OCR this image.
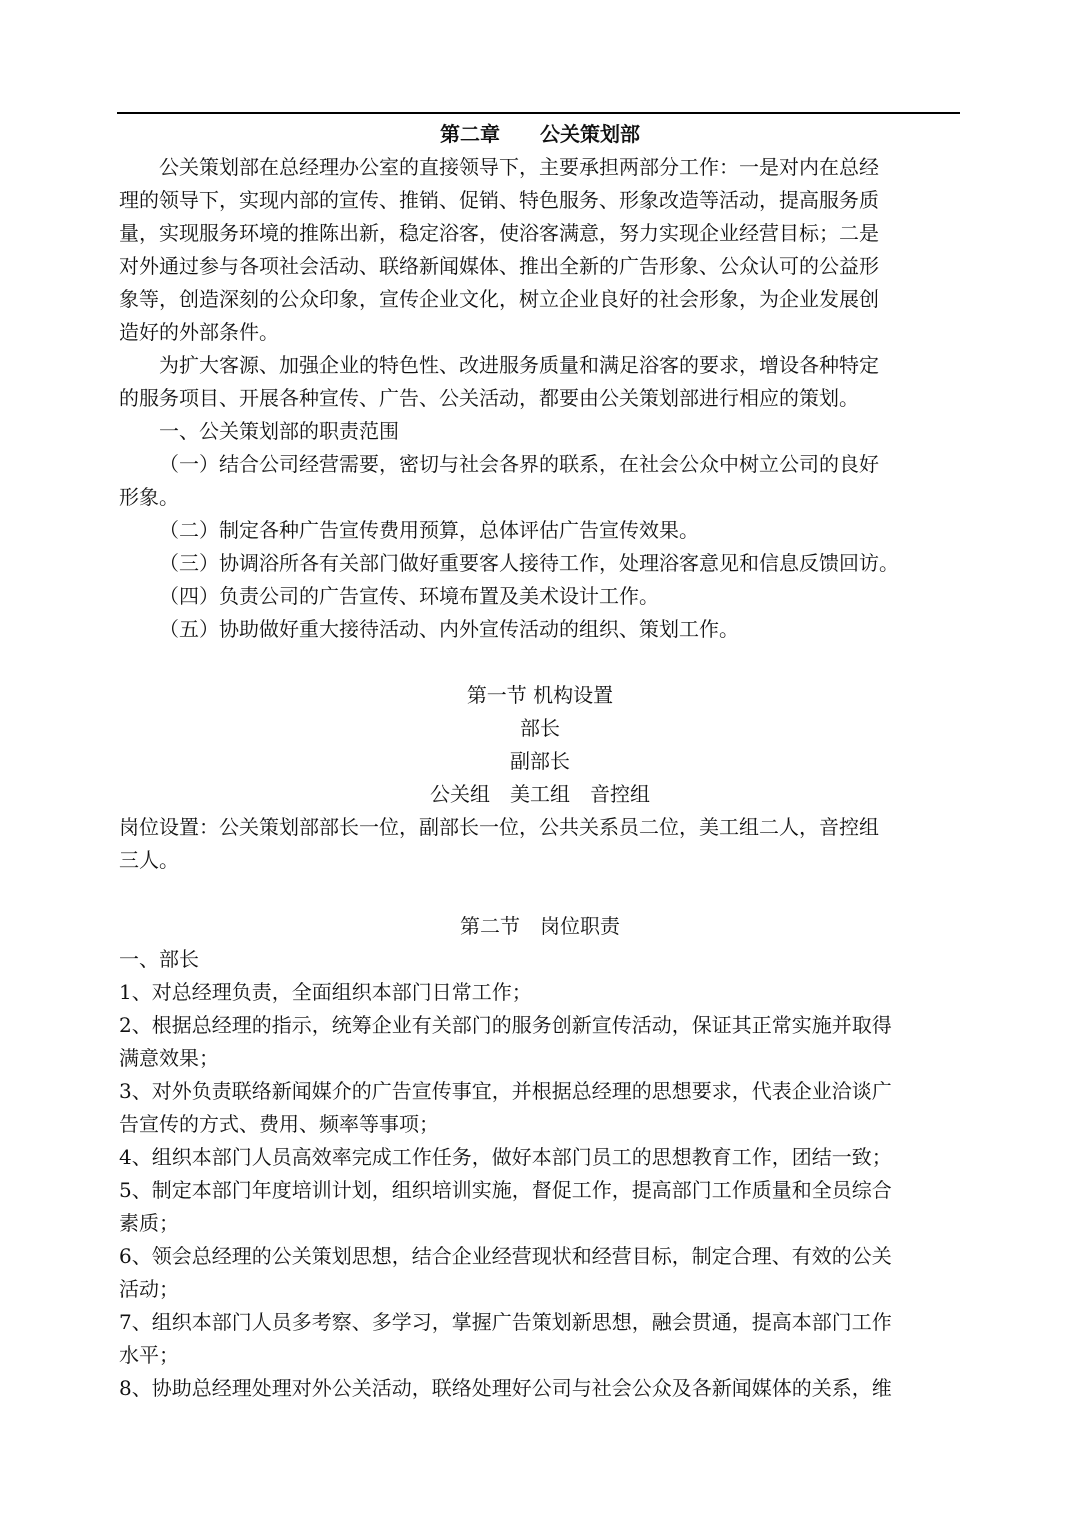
第二章　　公关策划部
公关策划部在总经理办公室的直接领导下，主要承担两部分工作：一是对内在总经
理的领导下，实现内部的宣传、推销、促销、特色服务、形象改造等活动，提高服务质
量，实现服务环境的推陈出新，稳定浴客，使浴客满意，努力实现企业经营目标；二是
对外通过参与各项社会活动、联络新闻媒体、推出全新的广告形象、公众认可的公益形
象等，创造深刻的公众印象，宣传企业文化，树立企业良好的社会形象，为企业发展创
造好的外部条件。
为扩大客源、加强企业的特色性、改进服务质量和满足浴客的要求，增设各种特定
的服务项目、开展各种宣传、广告、公关活动，都要由公关策划部进行相应的策划。
一、公关策划部的职责范围
（一）结合公司经营需要，密切与社会各界的联系，在社会公众中树立公司的良好
形象。
（二）制定各种广告宣传费用预算，总体评估广告宣传效果。
（三）协调浴所各有关部门做好重要客人接待工作，处理浴客意见和信息反馈回访。
（四）负责公司的广告宣传、环境布置及美术设计工作。
（五）协助做好重大接待活动、内外宣传活动的组织、策划工作。
第一节 机构设置
部长
副部长
公关组　美工组　音控组
岗位设置：公关策划部部长一位，副部长一位，公共关系员二位，美工组二人，音控组
三人。
第二节　岗位职责
一、部长
1、对总经理负责，全面组织本部门日常工作；
2、根据总经理的指示，统筹企业有关部门的服务创新宣传活动，保证其正常实施并取得
满意效果；
3、对外负责联络新闻媒介的广告宣传事宜，并根据总经理的思想要求，代表企业洽谈广
告宣传的方式、费用、频率等事项；
4、组织本部门人员高效率完成工作任务，做好本部门员工的思想教育工作，团结一致；
5、制定本部门年度培训计划，组织培训实施，督促工作，提高部门工作质量和全员综合
素质；
6、领会总经理的公关策划思想，结合企业经营现状和经营目标，制定合理、有效的公关
活动；
7、组织本部门人员多考察、多学习，掌握广告策划新思想，融会贯通，提高本部门工作
水平；
8、协助总经理处理对外公关活动，联络处理好公司与社会公众及各新闻媒体的关系，维
